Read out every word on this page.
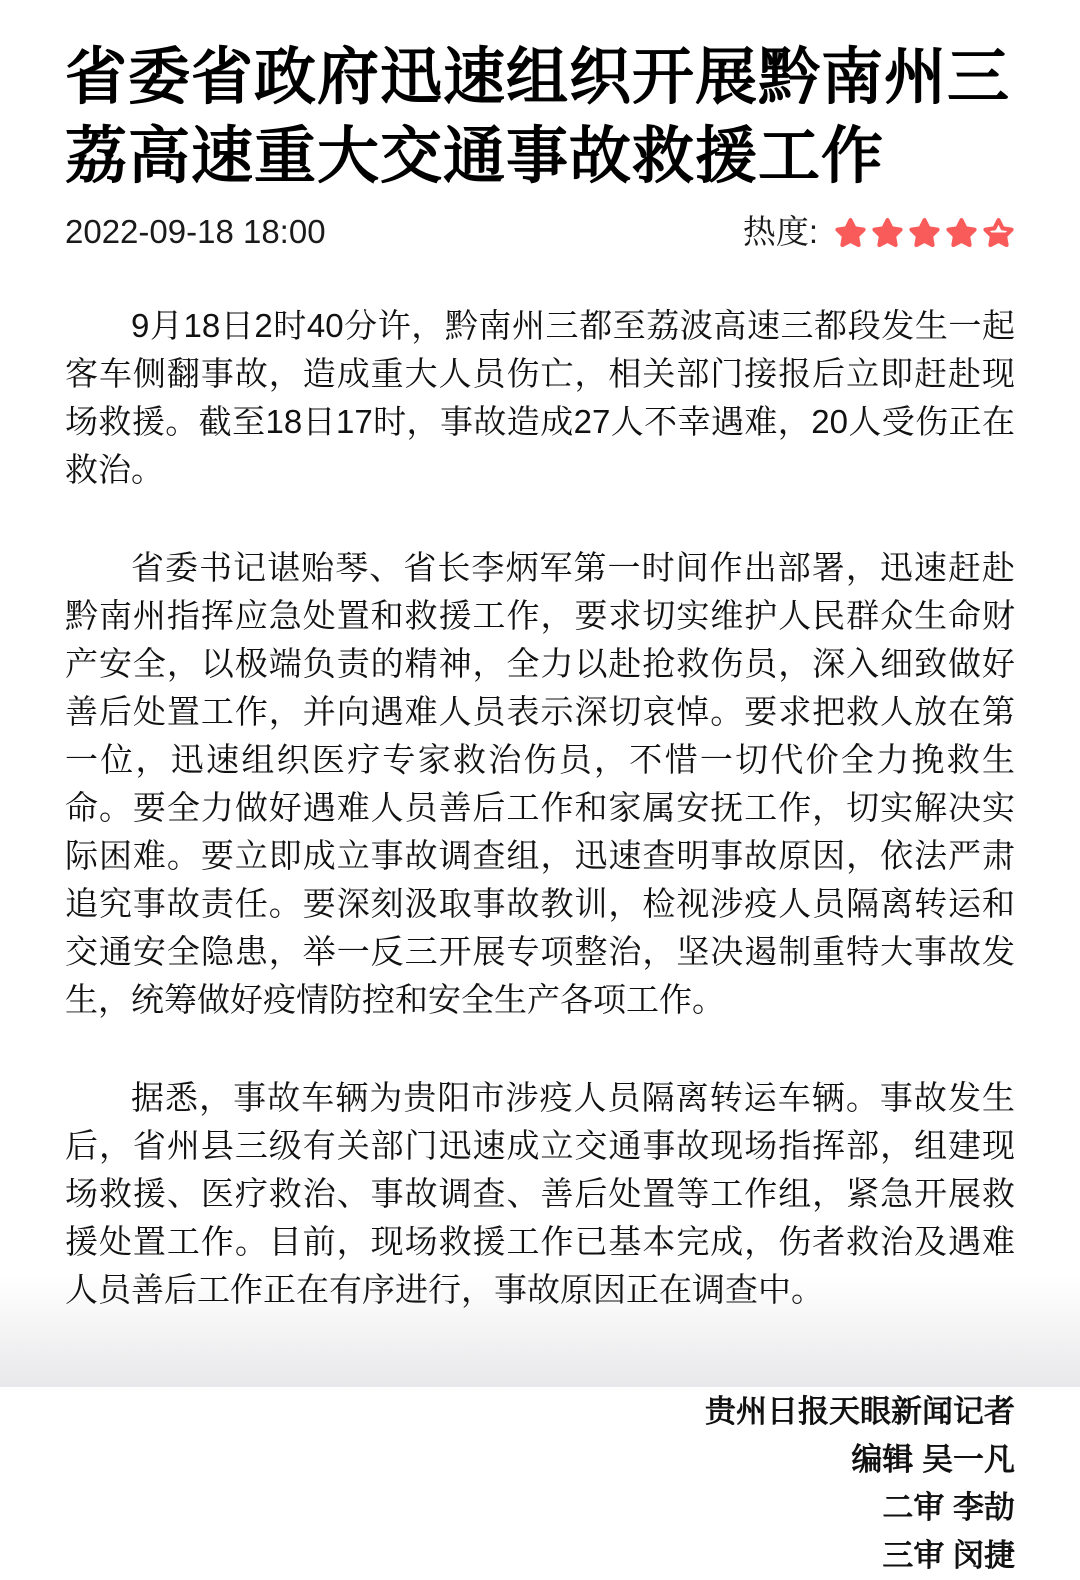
省委省政府迅速组织开展黔南州三荔高速重大交通事故救援工作
2022-09-18 18:00	热度:

9月18日2时40分许，黔南州三都至荔波高速三都段发生一起客车侧翻事故，造成重大人员伤亡，相关部门接报后立即赶赴现场救援。截至18日17时，事故造成27人不幸遇难，20人受伤正在救治。

省委书记谌贻琴、省长李炳军第一时间作出部署，迅速赶赴黔南州指挥应急处置和救援工作，要求切实维护人民群众生命财产安全，以极端负责的精神，全力以赴抢救伤员，深入细致做好善后处置工作，并向遇难人员表示深切哀悼。要求把救人放在第一位，迅速组织医疗专家救治伤员，不惜一切代价全力挽救生命。要全力做好遇难人员善后工作和家属安抚工作，切实解决实际困难。要立即成立事故调查组，迅速查明事故原因，依法严肃追究事故责任。要深刻汲取事故教训，检视涉疫人员隔离转运和交通安全隐患，举一反三开展专项整治，坚决遏制重特大事故发生，统筹做好疫情防控和安全生产各项工作。

据悉，事故车辆为贵阳市涉疫人员隔离转运车辆。事故发生后，省州县三级有关部门迅速成立交通事故现场指挥部，组建现场救援、医疗救治、事故调查、善后处置等工作组，紧急开展救援处置工作。目前，现场救援工作已基本完成，伤者救治及遇难人员善后工作正在有序进行，事故原因正在调查中。

贵州日报天眼新闻记者
编辑 吴一凡
二审 李劼
三审 闵捷
